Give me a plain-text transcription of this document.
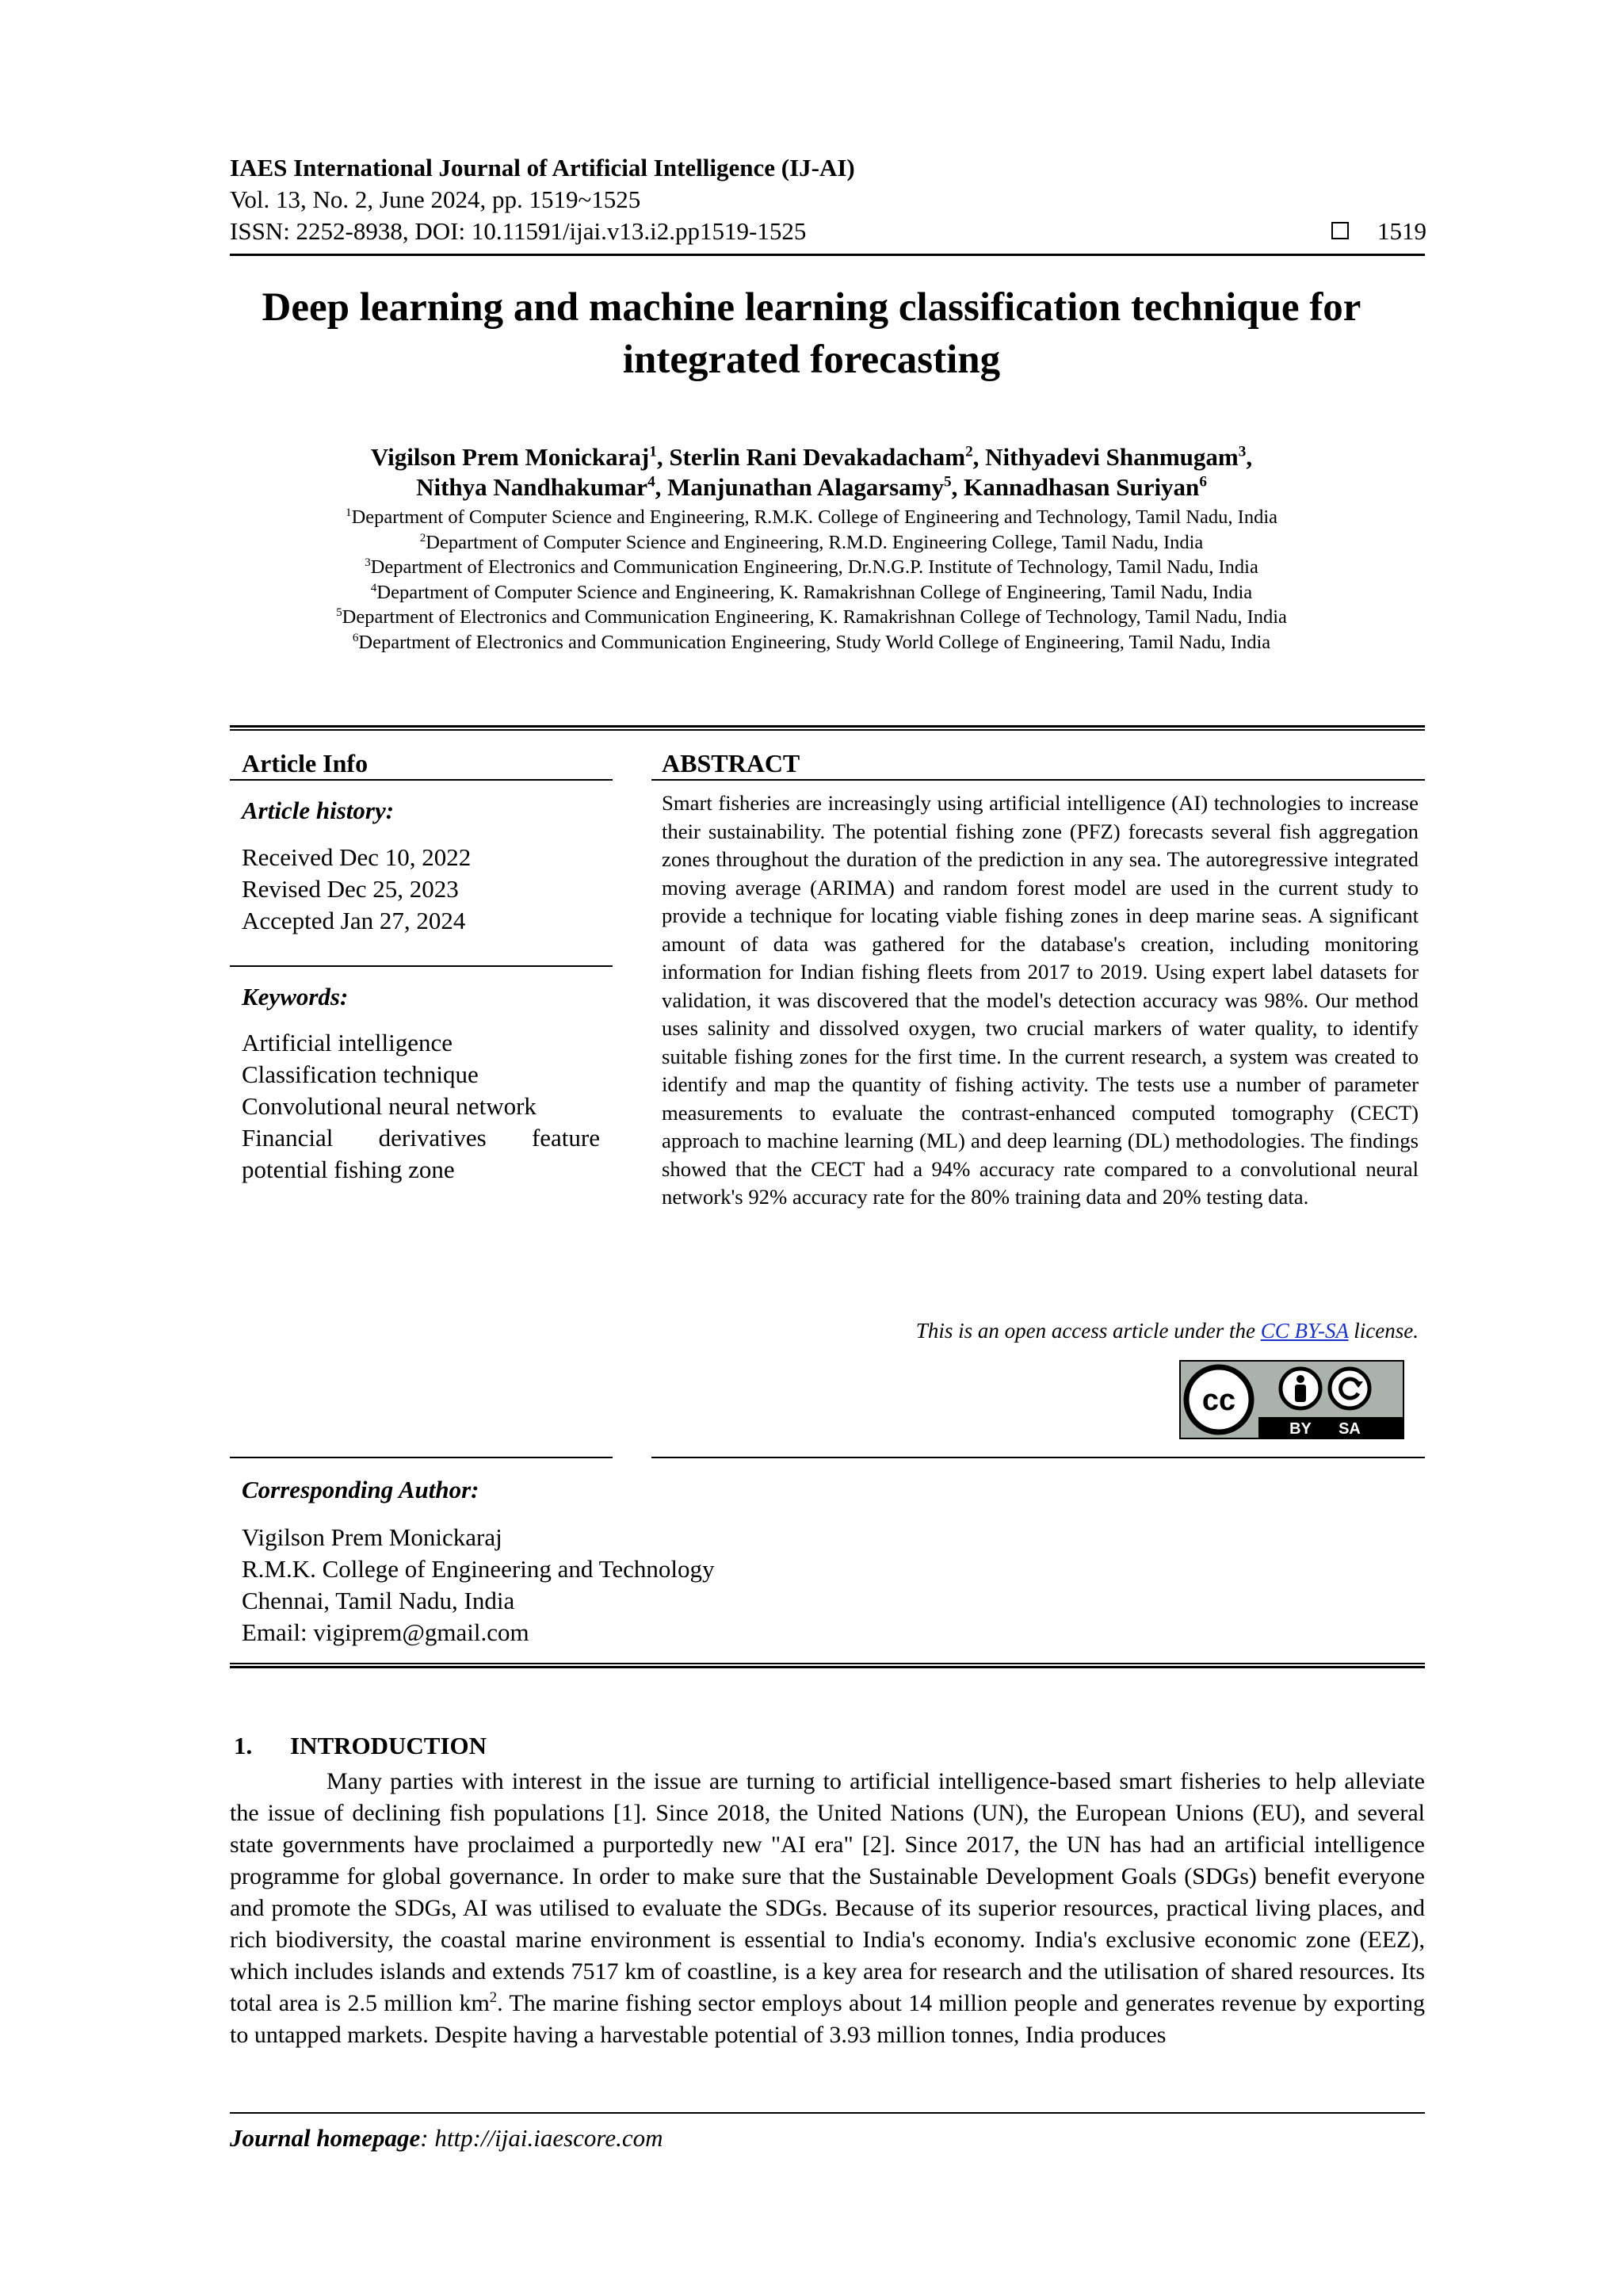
IAES International Journal of Artificial Intelligence (IJ-AI)
Vol. 13, No. 2, June 2024, pp. 1519~1525
ISSN: 2252-8938, DOI: 10.11591/ijai.v13.i2.pp1519-1525	1519
Deep learning and machine learning classification technique for
integrated forecasting
Vigilson Prem Monickaraj$^1$, Sterlin Rani Devakadacham$^2$, Nithyadevi Shanmugam$^3$,
Nithya Nandhakumar$^4$, Manjunathan Alagarsamy$^5$, Kannadhasan Suriyan$^6$
$^1$Department of Computer Science and Engineering, R.M.K. College of Engineering and Technology, Tamil Nadu, India
$^2$Department of Computer Science and Engineering, R.M.D. Engineering College, Tamil Nadu, India
$^3$Department of Electronics and Communication Engineering, Dr.N.G.P. Institute of Technology, Tamil Nadu, India
$^4$Department of Computer Science and Engineering, K. Ramakrishnan College of Engineering, Tamil Nadu, India
$^5$Department of Electronics and Communication Engineering, K. Ramakrishnan College of Technology, Tamil Nadu, India
$^6$Department of Electronics and Communication Engineering, Study World College of Engineering, Tamil Nadu, India
Article Info
Article history:
Received Dec 10, 2022
Revised Dec 25, 2023
Accepted Jan 27, 2024
Keywords:
Artificial intelligence
Classification technique
Convolutional neural network
Financial derivatives feature
potential fishing zone
ABSTRACT
Smart fisheries are increasingly using artificial intelligence (AI) technologies to increase their sustainability. The potential fishing zone (PFZ) forecasts several fish aggregation zones throughout the duration of the prediction in any sea. The autoregressive integrated moving average (ARIMA) and random forest model are used in the current study to provide a technique for locating viable fishing zones in deep marine seas. A significant amount of data was gathered for the database's creation, including monitoring information for Indian fishing fleets from 2017 to 2019. Using expert label datasets for validation, it was discovered that the model's detection accuracy was 98%. Our method uses salinity and dissolved oxygen, two crucial markers of water quality, to identify suitable fishing zones for the first time. In the current research, a system was created to identify and map the quantity of fishing activity. The tests use a number of parameter measurements to evaluate the contrast-enhanced computed tomography (CECT) approach to machine learning (ML) and deep learning (DL) methodologies. The findings showed that the CECT had a 94% accuracy rate compared to a convolutional neural network's 92% accuracy rate for the 80% training data and 20% testing data.
This is an open access article under the CC BY-SA license.
cc
BY SA
Corresponding Author:
Vigilson Prem Monickaraj
R.M.K. College of Engineering and Technology
Chennai, Tamil Nadu, India
Email: vigiprem@gmail.com
1. INTRODUCTION

Many parties with interest in the issue are turning to artificial intelligence-based smart fisheries to help alleviate the issue of declining fish populations [1]. Since 2018, the United Nations (UN), the European Unions (EU), and several state governments have proclaimed a purportedly new "AI era" [2]. Since 2017, the UN has had an artificial intelligence programme for global governance. In order to make sure that the Sustainable Development Goals (SDGs) benefit everyone and promote the SDGs, AI was utilised to evaluate the SDGs. Because of its superior resources, practical living places, and rich biodiversity, the coastal marine environment is essential to India's economy. India's exclusive economic zone (EEZ), which includes islands and extends 7517 km of coastline, is a key area for research and the utilisation of shared resources. Its total area is 2.5 million $km^2$. The marine fishing sector employs about 14 million people and generates revenue by exporting to untapped markets. Despite having a harvestable potential of 3.93 million tonnes, India produces

Journal homepage: http://ijai.iaescore.com
